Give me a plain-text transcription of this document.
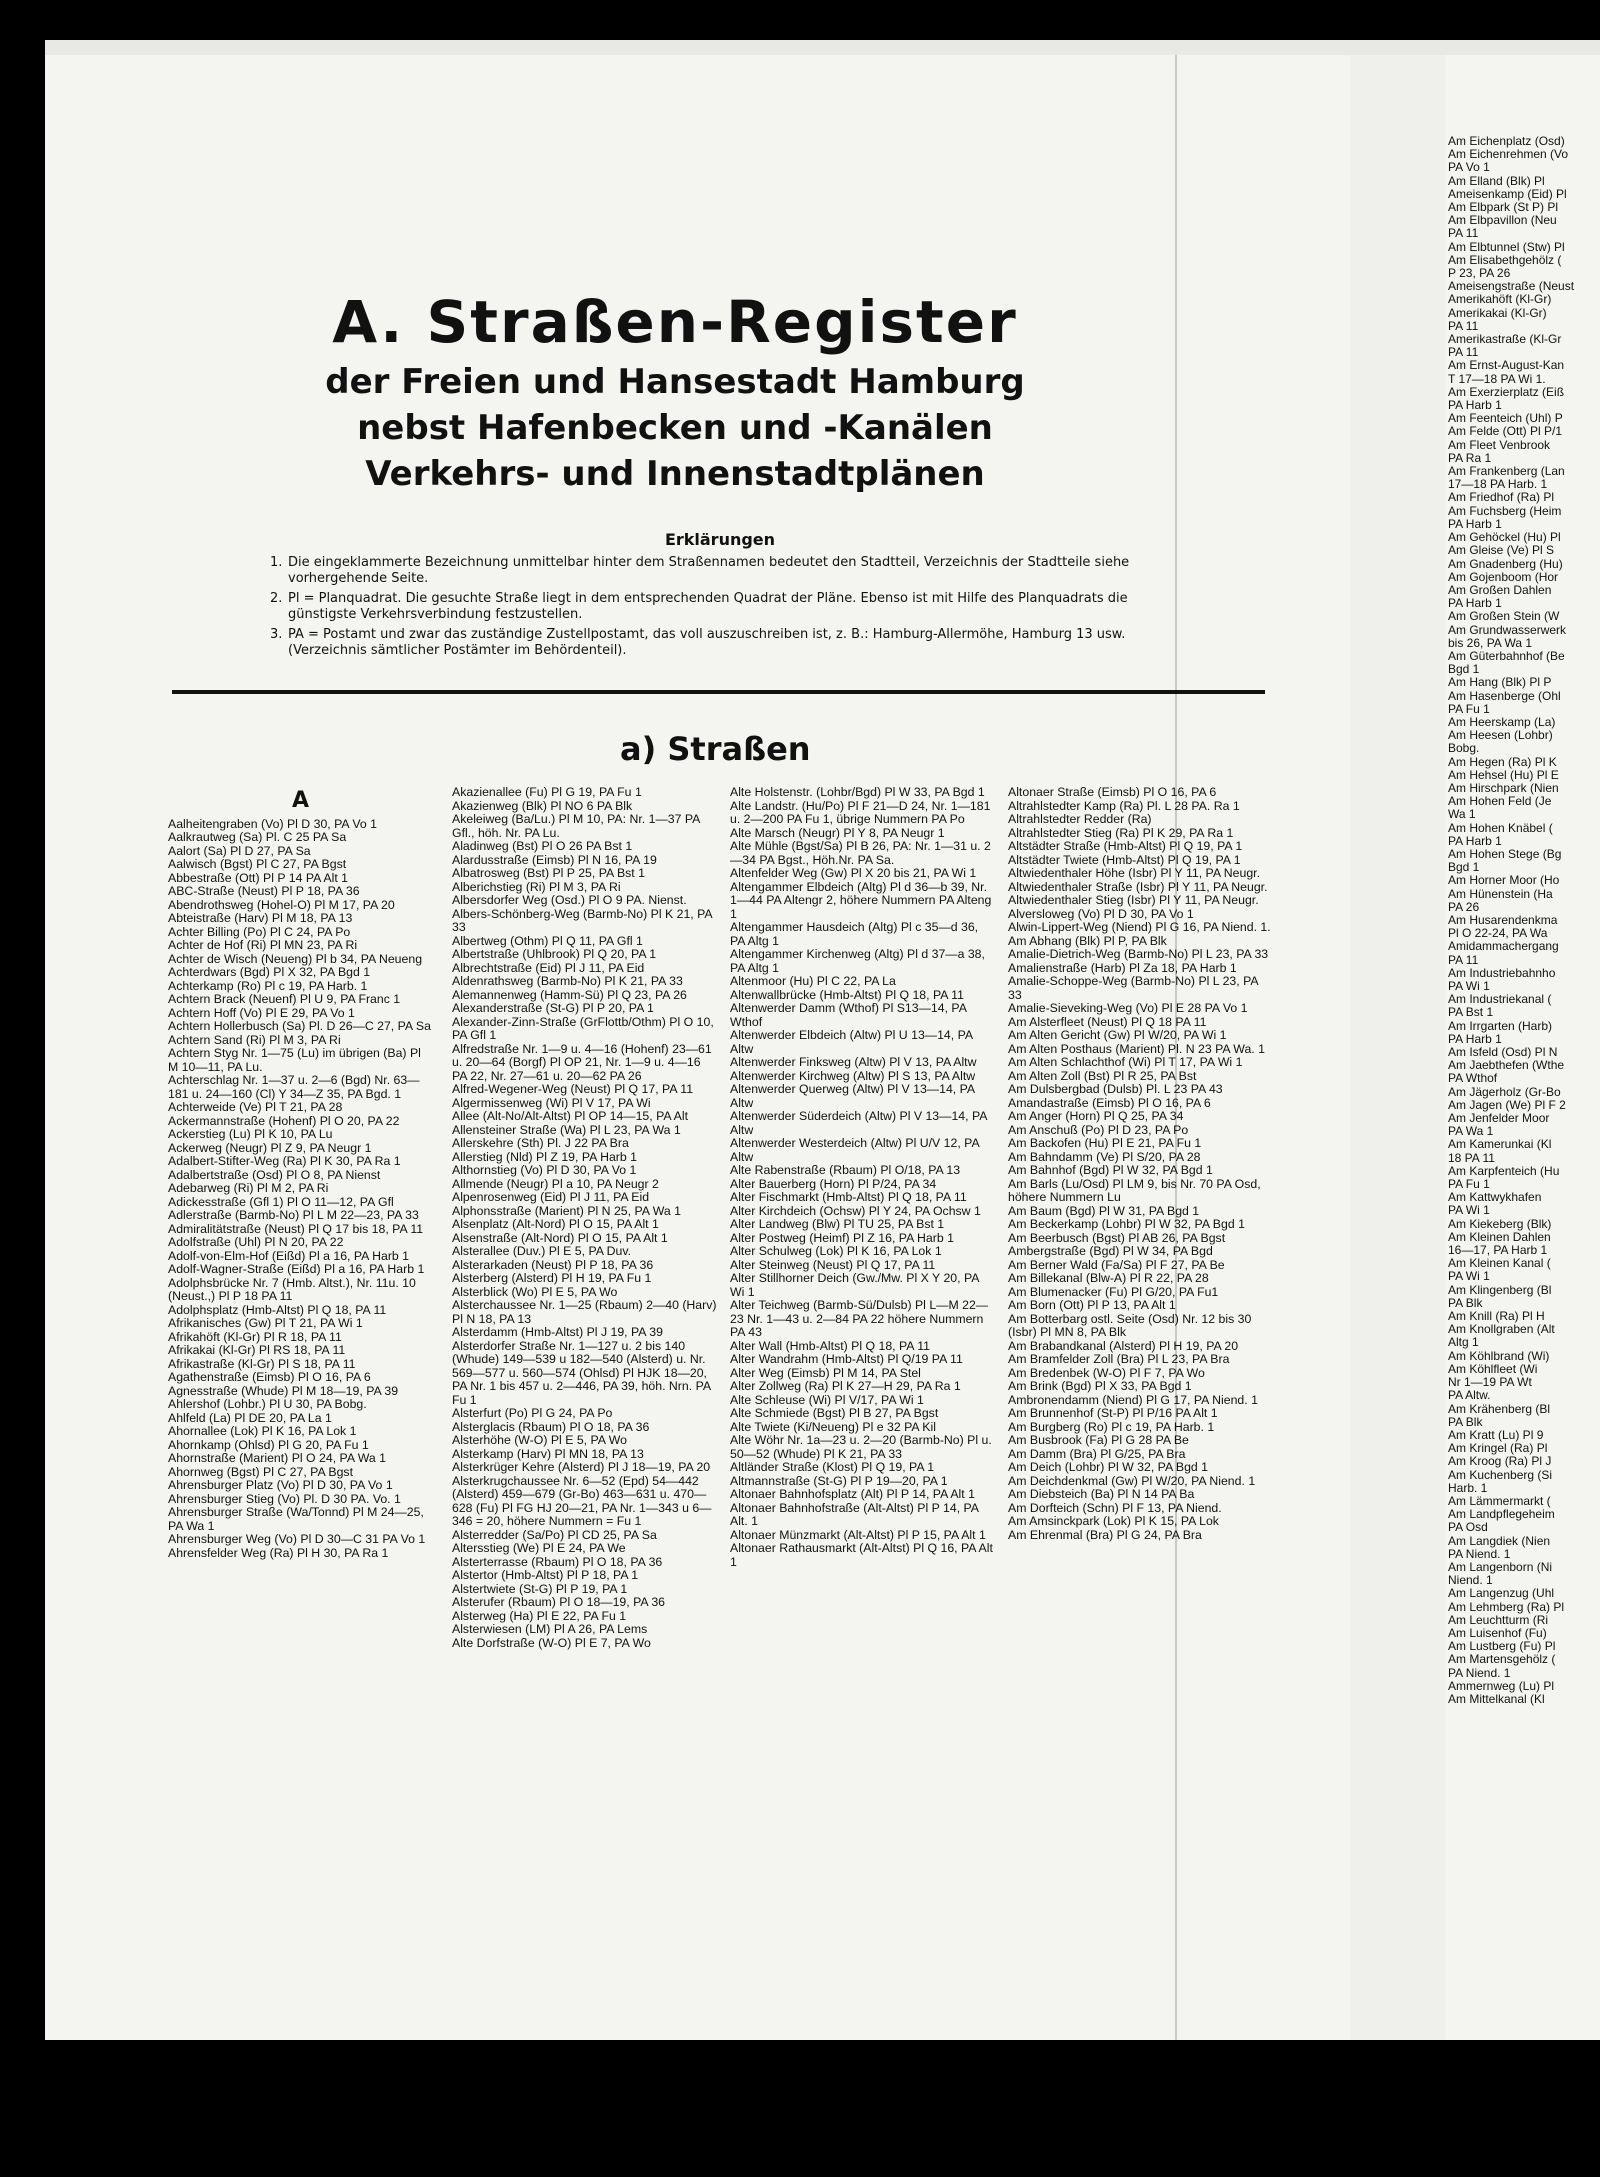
A. Straßen-Register
der Freien und Hansestadt Hamburg
nebst Hafenbecken und -Kanälen
Verkehrs- und Innenstadtplänen
Erklärungen
1. Die eingeklammerte Bezeichnung unmittelbar hinter dem Straßennamen bedeutet den Stadtteil, Verzeichnis der Stadtteile siehe vorhergehende Seite.
2. Pl = Planquadrat. Die gesuchte Straße liegt in dem entsprechenden Quadrat der Pläne. Ebenso ist mit Hilfe des Planquadrats die günstigste Verkehrsverbindung festzustellen.
3. PA = Postamt und zwar das zuständige Zustellpostamt, das voll auszuschreiben ist, z. B.: Hamburg-Allermöhe, Hamburg 13 usw. (Verzeichnis sämtlicher Postämter im Behördenteil).
a) Straßen
A
Aalheitengraben (Vo) Pl D 30, PA Vo 1
Aalkrautweg (Sa) Pl. C 25 PA Sa
Aalort (Sa) Pl D 27, PA Sa
Aalwisch (Bgst) Pl C 27, PA Bgst
Abbestraße (Ott) Pl P 14 PA Alt 1
ABC-Straße (Neust) Pl P 18, PA 36
Abendrothsweg (Hohel-O) Pl M 17, PA 20
Abteistraße (Harv) Pl M 18, PA 13
Achter Billing (Po) Pl C 24, PA Po
Achter de Hof (Ri) Pl MN 23, PA Ri
Achter de Wisch (Neueng) Pl b 34, PA Neueng
Achterdwars (Bgd) Pl X 32, PA Bgd 1
Achterkamp (Ro) Pl c 19, PA Harb. 1
Achtern Brack (Neuenf) Pl U 9, PA Franc 1
Achtern Hoff (Vo) Pl E 29, PA Vo 1
Achtern Hollerbusch (Sa) Pl. D 26—C 27, PA Sa
Achtern Sand (Ri) Pl M 3, PA Ri
Achtern Styg Nr. 1—75 (Lu) im übrigen (Ba) Pl M 10—11, PA Lu.
Achterschlag Nr. 1—37 u. 2—6 (Bgd) Nr. 63—181 u. 24—160 (Cl) Y 34—Z 35, PA Bgd. 1
Achterweide (Ve) Pl T 21, PA 28
Ackermannstraße (Hohenf) Pl O 20, PA 22
Ackerstieg (Lu) Pl K 10, PA Lu
Ackerweg (Neugr) Pl Z 9, PA Neugr 1
Adalbert-Stifter-Weg (Ra) Pl K 30, PA Ra 1
Adalbertstraße (Osd) Pl O 8, PA Nienst
Adebarweg (Ri) Pl M 2, PA Ri
Adickesstraße (Gfl 1) Pl O 11—12, PA Gfl
Adlerstraße (Barmb-No) Pl L M 22—23, PA 33
Admiralitätstraße (Neust) Pl Q 17 bis 18, PA 11
Adolfstraße (Uhl) Pl N 20, PA 22
Adolf-von-Elm-Hof (Eißd) Pl a 16, PA Harb 1
Adolf-Wagner-Straße (Eißd) Pl a 16, PA Harb 1
Adolphsbrücke Nr. 7 (Hmb. Altst.), Nr. 11u. 10 (Neust.,) Pl P 18 PA 11
Adolphsplatz (Hmb-Altst) Pl Q 18, PA 11
Afrikanisches (Gw) Pl T 21, PA Wi 1
Afrikahöft (Kl-Gr) Pl R 18, PA 11
Afrikakai (Kl-Gr) Pl RS 18, PA 11
Afrikastraße (Kl-Gr) Pl S 18, PA 11
Agathenstraße (Eimsb) Pl O 16, PA 6
Agnesstraße (Whude) Pl M 18—19, PA 39
Ahlershof (Lohbr.) Pl U 30, PA Bobg.
Ahlfeld (La) Pl DE 20, PA La 1
Ahornallee (Lok) Pl K 16, PA Lok 1
Ahornkamp (Ohlsd) Pl G 20, PA Fu 1
Ahornstraße (Marient) Pl O 24, PA Wa 1
Ahornweg (Bgst) Pl C 27, PA Bgst
Ahrensburger Platz (Vo) Pl D 30, PA Vo 1
Ahrensburger Stieg (Vo) Pl. D 30 PA. Vo. 1
Ahrensburger Straße (Wa/Tonnd) Pl M 24—25, PA Wa 1
Ahrensburger Weg (Vo) Pl D 30—C 31 PA Vo 1
Ahrensfelder Weg (Ra) Pl H 30, PA Ra 1
Akazienallee (Fu) Pl G 19, PA Fu 1
Akazienweg (Blk) Pl NO 6 PA Blk
Akeleiweg (Ba/Lu.) Pl M 10, PA: Nr. 1—37 PA Gfl., höh. Nr. PA Lu.
Aladinweg (Bst) Pl O 26 PA Bst 1
Alardusstraße (Eimsb) Pl N 16, PA 19
Albatrosweg (Bst) Pl P 25, PA Bst 1
Alberichstieg (Ri) Pl M 3, PA Ri
Albersdorfer Weg (Osd.) Pl O 9 PA. Nienst.
Albers-Schönberg-Weg (Barmb-No) Pl K 21, PA 33
Albertweg (Othm) Pl Q 11, PA Gfl 1
Albertstraße (Uhlbrook) Pl Q 20, PA 1
Albrechtstraße (Eid) Pl J 11, PA Eid
Aldenrathsweg (Barmb-No) Pl K 21, PA 33
Alemannenweg (Hamm-Sü) Pl Q 23, PA 26
Alexanderstraße (St-G) Pl P 20, PA 1
Alexander-Zinn-Straße (GrFlottb/Othm) Pl O 10, PA Gfl 1
Alfredstraße Nr. 1—9 u. 4—16 (Hohenf) 23—61 u. 20—64 (Borgf) Pl OP 21, Nr. 1—9 u. 4—16 PA 22, Nr. 27—61 u. 20—62 PA 26
Alfred-Wegener-Weg (Neust) Pl Q 17, PA 11
Algermissenweg (Wi) Pl V 17, PA Wi
Allee (Alt-No/Alt-Altst) Pl OP 14—15, PA Alt
Allensteiner Straße (Wa) Pl L 23, PA Wa 1
Allerskehre (Sth) Pl. J 22 PA Bra
Allerstieg (Nld) Pl Z 19, PA Harb 1
Althornstieg (Vo) Pl D 30, PA Vo 1
Allmende (Neugr) Pl a 10, PA Neugr 2
Alpenrosenweg (Eid) Pl J 11, PA Eid
Alphonsstraße (Marient) Pl N 25, PA Wa 1
Alsenplatz (Alt-Nord) Pl O 15, PA Alt 1
Alsenstraße (Alt-Nord) Pl O 15, PA Alt 1
Alsterallee (Duv.) Pl E 5, PA Duv.
Alsterarkaden (Neust) Pl P 18, PA 36
Alsterberg (Alsterd) Pl H 19, PA Fu 1
Alsterblick (Wo) Pl E 5, PA Wo
Alsterchaussee Nr. 1—25 (Rbaum) 2—40 (Harv) Pl N 18, PA 13
Alsterdamm (Hmb-Altst) Pl J 19, PA 39
Alsterdorfer Straße Nr. 1—127 u. 2 bis 140 (Whude) 149—539 u 182—540 (Alsterd) u. Nr. 569—577 u. 560—574 (Ohlsd) Pl HJK 18—20, PA Nr. 1 bis 457 u. 2—446, PA 39, höh. Nrn. PA Fu 1
Alsterfurt (Po) Pl G 24, PA Po
Alsterglacis (Rbaum) Pl O 18, PA 36
Alsterhöhe (W-O) Pl E 5, PA Wo
Alsterkamp (Harv) Pl MN 18, PA 13
Alsterkrüger Kehre (Alsterd) Pl J 18—19, PA 20
Alsterkrugchaussee Nr. 6—52 (Epd) 54—442 (Alsterd) 459—679 (Gr-Bo) 463—631 u. 470—628 (Fu) Pl FG HJ 20—21, PA Nr. 1—343 u 6—346 = 20, höhere Nummern = Fu 1
Alsterredder (Sa/Po) Pl CD 25, PA Sa
Altersstieg (We) Pl E 24, PA We
Alsterterrasse (Rbaum) Pl O 18, PA 36
Alstertor (Hmb-Altst) Pl P 18, PA 1
Alstertwiete (St-G) Pl P 19, PA 1
Alsterufer (Rbaum) Pl O 18—19, PA 36
Alsterweg (Ha) Pl E 22, PA Fu 1
Alsterwiesen (LM) Pl A 26, PA Lems
Alte Dorfstraße (W-O) Pl E 7, PA Wo
Alte Holstenstr. (Lohbr/Bgd) Pl W 33, PA Bgd 1
Alte Landstr. (Hu/Po) Pl F 21—D 24, Nr. 1—181 u. 2—200 PA Fu 1, übrige Nummern PA Po
Alte Marsch (Neugr) Pl Y 8, PA Neugr 1
Alte Mühle (Bgst/Sa) Pl B 26, PA: Nr. 1—31 u. 2—34 PA Bgst., Höh.Nr. PA Sa.
Altenfelder Weg (Gw) Pl X 20 bis 21, PA Wi 1
Altengammer Elbdeich (Altg) Pl d 36—b 39, Nr. 1—44 PA Altengr 2, höhere Nummern PA Alteng 1
Altengammer Hausdeich (Altg) Pl c 35—d 36, PA Altg 1
Altengammer Kirchenweg (Altg) Pl d 37—a 38, PA Altg 1
Altenmoor (Hu) Pl C 22, PA La
Altenwallbrücke (Hmb-Altst) Pl Q 18, PA 11
Altenwerder Damm (Wthof) Pl S13—14, PA Wthof
Altenwerder Elbdeich (Altw) Pl U 13—14, PA Altw
Altenwerder Finksweg (Altw) Pl V 13, PA Altw
Altenwerder Kirchweg (Altw) Pl S 13, PA Altw
Altenwerder Querweg (Altw) Pl V 13—14, PA Altw
Altenwerder Süderdeich (Altw) Pl V 13—14, PA Altw
Altenwerder Westerdeich (Altw) Pl U/V 12, PA Altw
Alte Rabenstraße (Rbaum) Pl O/18, PA 13
Alter Bauerberg (Horn) Pl P/24, PA 34
Alter Fischmarkt (Hmb-Altst) Pl Q 18, PA 11
Alter Kirchdeich (Ochsw) Pl Y 24, PA Ochsw 1
Alter Landweg (Blw) Pl TU 25, PA Bst 1
Alter Postweg (Heimf) Pl Z 16, PA Harb 1
Alter Schulweg (Lok) Pl K 16, PA Lok 1
Alter Steinweg (Neust) Pl Q 17, PA 11
Alter Stillhorner Deich (Gw./Mw. Pl X Y 20, PA Wi 1
Alter Teichweg (Barmb-Sü/Dulsb) Pl L—M 22—23 Nr. 1—43 u. 2—84 PA 22 höhere Nummern PA 43
Alter Wall (Hmb-Altst) Pl Q 18, PA 11
Alter Wandrahm (Hmb-Altst) Pl Q/19 PA 11
Alter Weg (Eimsb) Pl M 14, PA Stel
Alter Zollweg (Ra) Pl K 27—H 29, PA Ra 1
Alte Schleuse (Wi) Pl V/17, PA Wi 1
Alte Schmiede (Bgst) Pl B 27, PA Bgst
Alte Twiete (Ki/Neueng) Pl e 32 PA Kil
Alte Wöhr Nr. 1a—23 u. 2—20 (Barmb-No) Pl u. 50—52 (Whude) Pl K 21, PA 33
Altländer Straße (Klost) Pl Q 19, PA 1
Altmannstraße (St-G) Pl P 19—20, PA 1
Altonaer Bahnhofsplatz (Alt) Pl P 14, PA Alt 1
Altonaer Bahnhofstraße (Alt-Altst) Pl P 14, PA Alt. 1
Altonaer Münzmarkt (Alt-Altst) Pl P 15, PA Alt 1
Altonaer Rathausmarkt (Alt-Altst) Pl Q 16, PA Alt 1
Altonaer Straße (Eimsb) Pl O 16, PA 6
Altrahlstedter Kamp (Ra) Pl. L 28 PA. Ra 1
Altrahlstedter Redder (Ra)
Altrahlstedter Stieg (Ra) Pl K 29, PA Ra 1
Altstädter Straße (Hmb-Altst) Pl Q 19, PA 1
Altstädter Twiete (Hmb-Altst) Pl Q 19, PA 1
Altwiedenthaler Höhe (Isbr) Pl Y 11, PA Neugr.
Altwiedenthaler Straße (Isbr) Pl Y 11, PA Neugr.
Altwiedenthaler Stieg (Isbr) Pl Y 11, PA Neugr.
Alversloweg (Vo) Pl D 30, PA Vo 1
Alwin-Lippert-Weg (Niend) Pl G 16, PA Niend. 1.
Am Abhang (Blk) Pl P, PA Blk
Amalie-Dietrich-Weg (Barmb-No) Pl L 23, PA 33
Amalienstraße (Harb) Pl Za 18, PA Harb 1
Amalie-Schoppe-Weg (Barmb-No) Pl L 23, PA 33
Amalie-Sieveking-Weg (Vo) Pl E 28 PA Vo 1
Am Alsterfleet (Neust) Pl Q 18 PA 11
Am Alten Gericht (Gw) Pl W/20, PA Wi 1
Am Alten Posthaus (Marient) Pl. N 23 PA Wa. 1
Am Alten Schlachthof (Wi) Pl T 17, PA Wi 1
Am Alten Zoll (Bst) Pl R 25, PA Bst
Am Dulsbergbad (Dulsb) Pl. L 23 PA 43
Amandastraße (Eimsb) Pl O 16, PA 6
Am Anger (Horn) Pl Q 25, PA 34
Am Anschuß (Po) Pl D 23, PA Po
Am Backofen (Hu) Pl E 21, PA Fu 1
Am Bahndamm (Ve) Pl S/20, PA 28
Am Bahnhof (Bgd) Pl W 32, PA Bgd 1
Am Barls (Lu/Osd) Pl LM 9, bis Nr. 70 PA Osd, höhere Nummern Lu
Am Baum (Bgd) Pl W 31, PA Bgd 1
Am Beckerkamp (Lohbr) Pl W 32, PA Bgd 1
Am Beerbusch (Bgst) Pl AB 26, PA Bgst
Ambergstraße (Bgd) Pl W 34, PA Bgd
Am Berner Wald (Fa/Sa) Pl F 27, PA Be
Am Billekanal (Blw-A) Pl R 22, PA 28
Am Blumenacker (Fu) Pl G/20, PA Fu1
Am Born (Ott) Pl P 13, PA Alt 1
Am Botterbarg ostl. Seite (Osd) Nr. 12 bis 30 (Isbr) Pl MN 8, PA Blk
Am Brabandkanal (Alsterd) Pl H 19, PA 20
Am Bramfelder Zoll (Bra) Pl L 23, PA Bra
Am Bredenbek (W-O) Pl F 7, PA Wo
Am Brink (Bgd) Pl X 33, PA Bgd 1
Ambronendamm (Niend) Pl G 17, PA Niend. 1
Am Brunnenhof (St-P) Pl P/16 PA Alt 1
Am Burgberg (Ro) Pl c 19, PA Harb. 1
Am Busbrook (Fa) Pl G 28 PA Be
Am Damm (Bra) Pl G/25, PA Bra
Am Deich (Lohbr) Pl W 32, PA Bgd 1
Am Deichdenkmal (Gw) Pl W/20, PA Niend. 1
Am Diebsteich (Ba) Pl N 14 PA Ba
Am Dorfteich (Schn) Pl F 13, PA Niend.
Am Amsinckpark (Lok) Pl K 15, PA Lok
Am Ehrenmal (Bra) Pl G 24, PA Bra
Am Eichenplatz (Osd)
Am Eichenrehmen (Vo
PA Vo 1
Am Elland (Blk) Pl
Ameisenkamp (Eid) Pl
Am Elbpark (St P) Pl
Am Elbpavillon (Neu
PA 11
Am Elbtunnel (Stw) Pl
Am Elisabethgehölz (
P 23, PA 26
Ameisengstraße (Neust
Amerikahöft (Kl-Gr)
Amerikakai (Kl-Gr)
PA 11
Amerikastraße (Kl-Gr
PA 11
Am Ernst-August-Kan
T 17—18 PA Wi 1.
Am Exerzierplatz (Eiß
PA Harb 1
Am Feenteich (Uhl) P
Am Felde (Ott) Pl P/1
Am Fleet Venbrook
PA Ra 1
Am Frankenberg (Lan
17—18 PA Harb. 1
Am Friedhof (Ra) Pl
Am Fuchsberg (Heim
PA Harb 1
Am Gehöckel (Hu) Pl
Am Gleise (Ve) Pl S
Am Gnadenberg (Hu)
Am Gojenboom (Hor
Am Großen Dahlen
PA Harb 1
Am Großen Stein (W
Am Grundwasserwerk
bis 26, PA Wa 1
Am Güterbahnhof (Be
Bgd 1
Am Hang (Blk) Pl P
Am Hasenberge (Ohl
PA Fu 1
Am Heerskamp (La)
Am Heesen (Lohbr)
Bobg.
Am Hegen (Ra) Pl K
Am Hehsel (Hu) Pl E
Am Hirschpark (Nien
Am Hohen Feld (Je
Wa 1
Am Hohen Knäbel (
PA Harb 1
Am Hohen Stege (Bg
Bgd 1
Am Horner Moor (Ho
Am Hünenstein (Ha
PA 26
Am Husarendenkma
Pl O 22-24, PA Wa
Amidammachergang
PA 11
Am Industriebahnho
PA Wi 1
Am Industriekanal (
PA Bst 1
Am Irrgarten (Harb)
PA Harb 1
Am Isfeld (Osd) Pl N
Am Jaebthefen (Wthe
PA Wthof
Am Jägerholz (Gr-Bo
Am Jagen (We) Pl F 2
Am Jenfelder Moor
PA Wa 1
Am Kamerunkai (Kl
18 PA 11
Am Karpfenteich (Hu
PA Fu 1
Am Kattwykhafen
PA Wi 1
Am Kiekeberg (Blk)
Am Kleinen Dahlen
16—17, PA Harb 1
Am Kleinen Kanal (
PA Wi 1
Am Klingenberg (Bl
PA Blk
Am Knill (Ra) Pl H
Am Knollgraben (Alt
Altg 1
Am Köhlbrand (Wi)
Am Köhlfleet (Wi
Nr 1—19 PA Wt
PA Altw.
Am Krähenberg (Bl
PA Blk
Am Kratt (Lu) Pl 9
Am Kringel (Ra) Pl
Am Kroog (Ra) Pl J
Am Kuchenberg (Si
Harb. 1
Am Lämmermarkt (
Am Landpflegeheim
PA Osd
Am Langdiek (Nien
PA Niend. 1
Am Langenborn (Ni
Niend. 1
Am Langenzug (Uhl
Am Lehmberg (Ra) Pl
Am Leuchtturm (Ri
Am Luisenhof (Fu)
Am Lustberg (Fu) Pl
Am Martensgehölz (
PA Niend. 1
Ammernweg (Lu) Pl
Am Mittelkanal (Kl
